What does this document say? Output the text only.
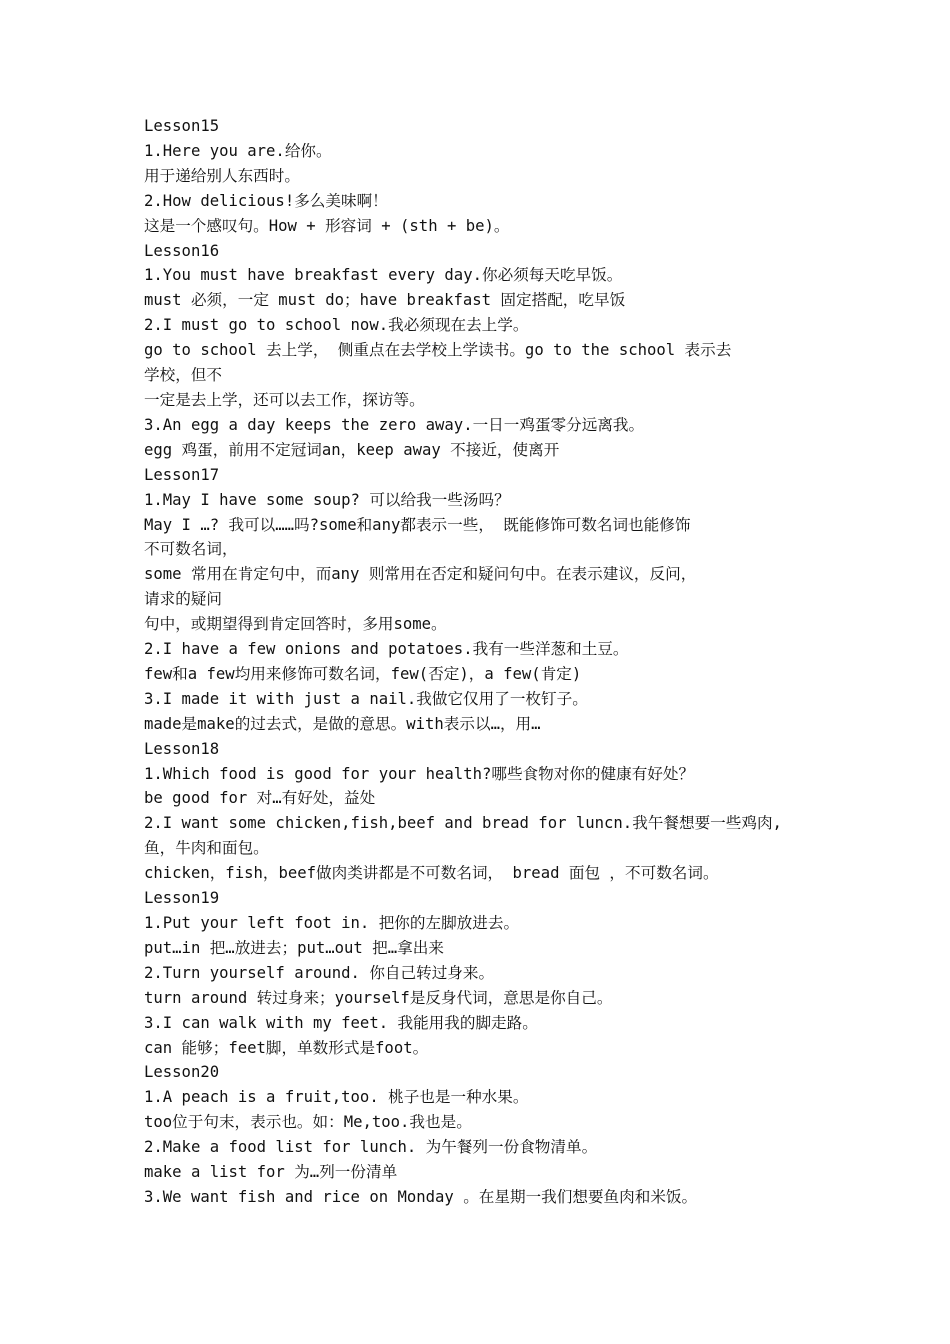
Lesson15
1.Here you are.给你。
用于递给别人东西时。
2.How delicious!多么美味啊！
这是一个感叹句。How + 形容词 + (sth + be)。
Lesson16
1.You must have breakfast every day.你必须每天吃早饭。
must 必须，一定 must do；have breakfast 固定搭配，吃早饭
2.I must go to school now.我必须现在去上学。
go to school 去上学， 侧重点在去学校上学读书。go to the school 表示去
学校，但不
一定是去上学，还可以去工作，探访等。
3.An egg a day keeps the zero away.一日一鸡蛋零分远离我。
egg 鸡蛋，前用不定冠词an，keep away 不接近，使离开
Lesson17
1.May I have some soup? 可以给我一些汤吗？
May I …? 我可以……吗?some和any都表示一些， 既能修饰可数名词也能修饰
不可数名词，
some 常用在肯定句中，而any 则常用在否定和疑问句中。在表示建议，反问，
请求的疑问
句中，或期望得到肯定回答时，多用some。
2.I have a few onions and potatoes.我有一些洋葱和土豆。
few和a few均用来修饰可数名词，few(否定)，a few(肯定)
3.I made it with just a nail.我做它仅用了一枚钉子。
made是make的过去式，是做的意思。with表示以…，用…
Lesson18
1.Which food is good for your health?哪些食物对你的健康有好处？
be good for 对…有好处，益处
2.I want some chicken,fish,beef and bread for luncn.我午餐想要一些鸡肉,
鱼，牛肉和面包。
chicken，fish，beef做肉类讲都是不可数名词， bread 面包 ，不可数名词。
Lesson19
1.Put your left foot in. 把你的左脚放进去。
put…in 把…放进去；put…out 把…拿出来
2.Turn yourself around. 你自己转过身来。
turn around 转过身来；yourself是反身代词，意思是你自己。
3.I can walk with my feet. 我能用我的脚走路。
can 能够；feet脚，单数形式是foot。
Lesson20
1.A peach is a fruit,too. 桃子也是一种水果。
too位于句末，表示也。如：Me,too.我也是。
2.Make a food list for lunch. 为午餐列一份食物清单。
make a list for 为…列一份清单
3.We want fish and rice on Monday 。在星期一我们想要鱼肉和米饭。
